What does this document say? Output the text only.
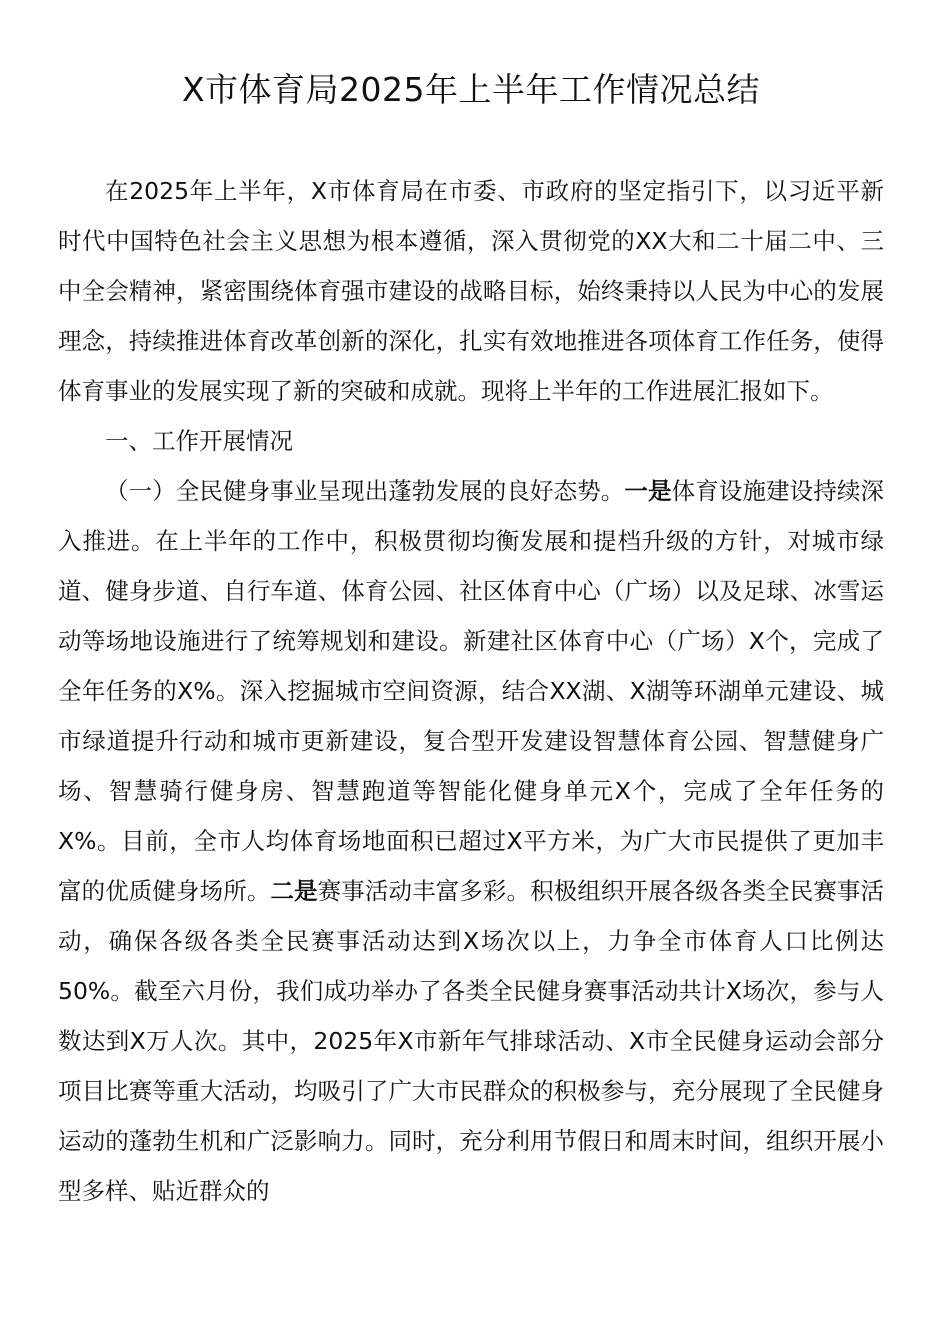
X市体育局2025年上半年工作情况总结

在2025年上半年，X市体育局在市委、市政府的坚定指引下，以习近平新时代中国特色社会主义思想为根本遵循，深入贯彻党的XX大和二十届二中、三中全会精神，紧密围绕体育强市建设的战略目标，始终秉持以人民为中心的发展理念，持续推进体育改革创新的深化，扎实有效地推进各项体育工作任务，使得体育事业的发展实现了新的突破和成就。现将上半年的工作进展汇报如下。

一、工作开展情况

（一）全民健身事业呈现出蓬勃发展的良好态势。一是体育设施建设持续深入推进。在上半年的工作中，积极贯彻均衡发展和提档升级的方针，对城市绿道、健身步道、自行车道、体育公园、社区体育中心（广场）以及足球、冰雪运动等场地设施进行了统筹规划和建设。新建社区体育中心（广场）X个，完成了全年任务的X%。深入挖掘城市空间资源，结合XX湖、X湖等环湖单元建设、城市绿道提升行动和城市更新建设，复合型开发建设智慧体育公园、智慧健身广场、智慧骑行健身房、智慧跑道等智能化健身单元X个，完成了全年任务的X%。目前，全市人均体育场地面积已超过X平方米，为广大市民提供了更加丰富的优质健身场所。二是赛事活动丰富多彩。积极组织开展各级各类全民赛事活动，确保各级各类全民赛事活动达到X场次以上，力争全市体育人口比例达50%。截至六月份，我们成功举办了各类全民健身赛事活动共计X场次，参与人数达到X万人次。其中，2025年X市新年气排球活动、X市全民健身运动会部分项目比赛等重大活动，均吸引了广大市民群众的积极参与，充分展现了全民健身运动的蓬勃生机和广泛影响力。同时，充分利用节假日和周末时间，组织开展小型多样、贴近群众的
